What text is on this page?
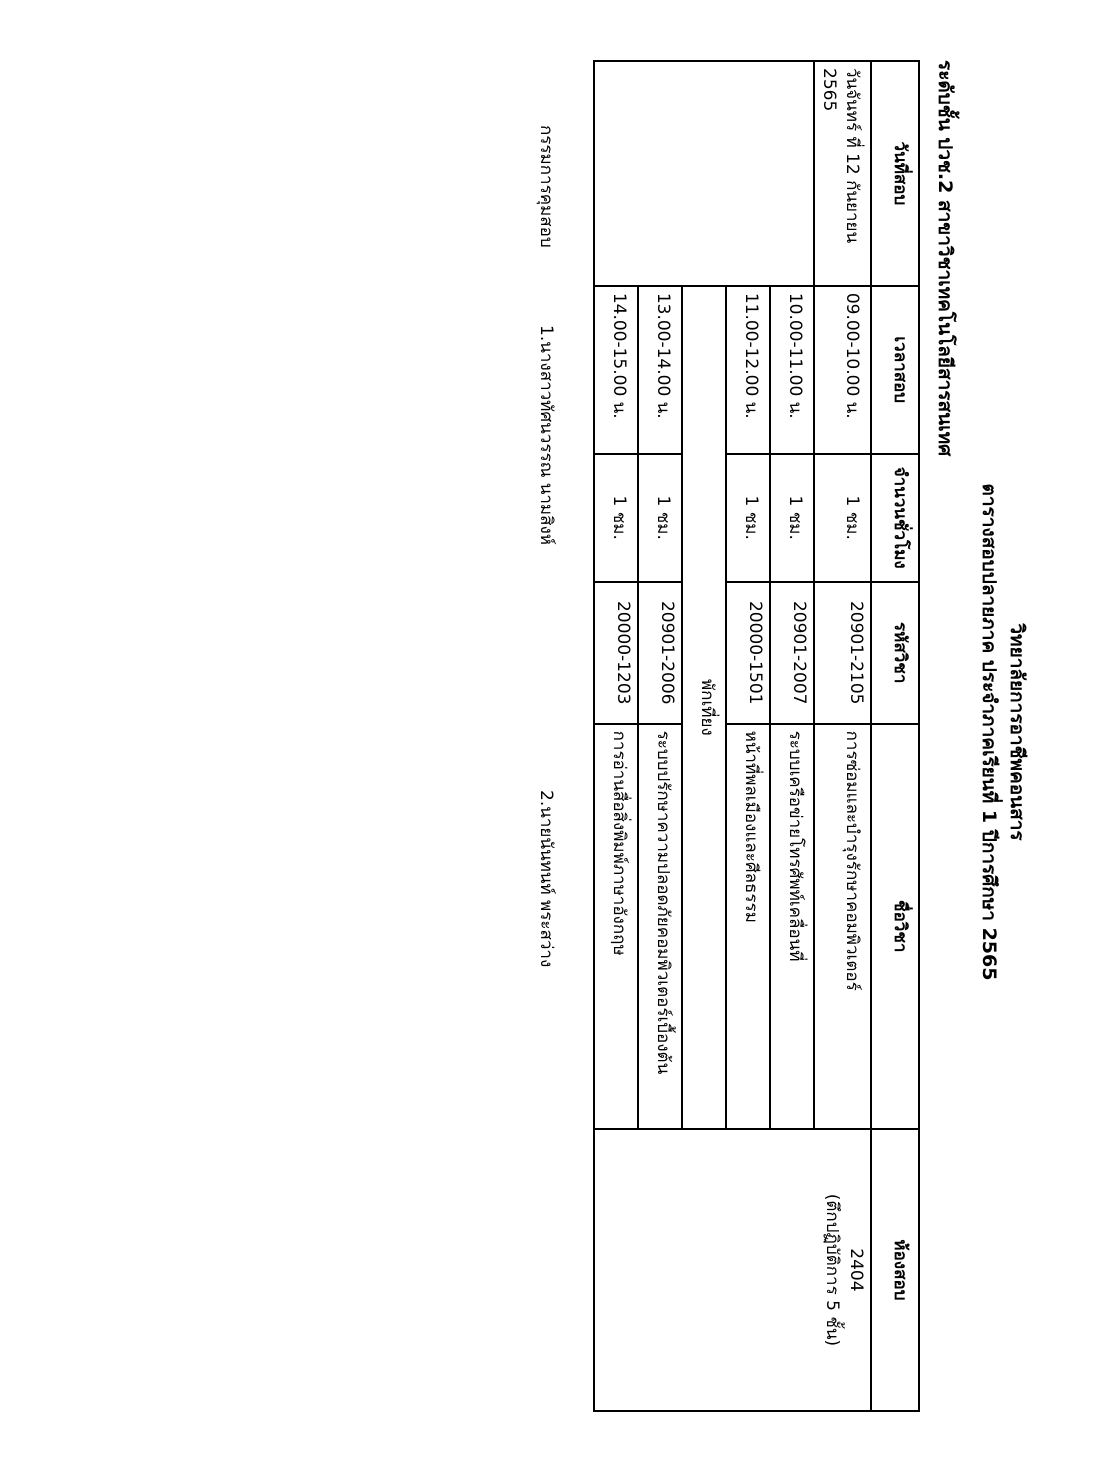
วิทยาลัยการอาชีพคอนสาร
ตารางสอบปลายภาค ประจำภาคเรียนที่ 1 ปีการศึกษา 2565
ระดับชั้น ปวช.2 สาขาวิชาเทคโนโลยีสารสนเทศ
วันที่สอบ	เวลาสอบ	จำนวนชั่วโมง	รหัสวิชา	ชื่อวิชา	ห้องสอบ
วันจันทร์ ที่ 12 กันยายน 2565	09.00-10.00 น.	1 ชม.	20901-2105	การซ่อมและบำรุงรักษาคอมพิวเตอร์	2404
(ตึกปฏิบัติการ 5 ชั้น)

	10.00-11.00 น.	1 ชม.	20901-2007	ระบบเครือข่ายโทรศัพท์เคลื่อนที่	
	11.00-12.00 น.	1 ชม.	20000-1501	หน้าที่พลเมืองและศีลธรรม	
	พักเที่ยง				
	13.00-14.00 น.	1 ชม.	20901-2006	ระบบปรักษาความปลอดภัยคอมพิวเตอร์เบื้องต้น	
	14.00-15.00 น.	1 ชม.	20000-1203	การอ่านสื่อสิ่งพิมพ์ภาษาอังกฤษ	
กรรมการคุมสอบ
1.นางสาวทัศนวรรณ นามสิงห์
2.นายนันทนท์ พระสว่าง
